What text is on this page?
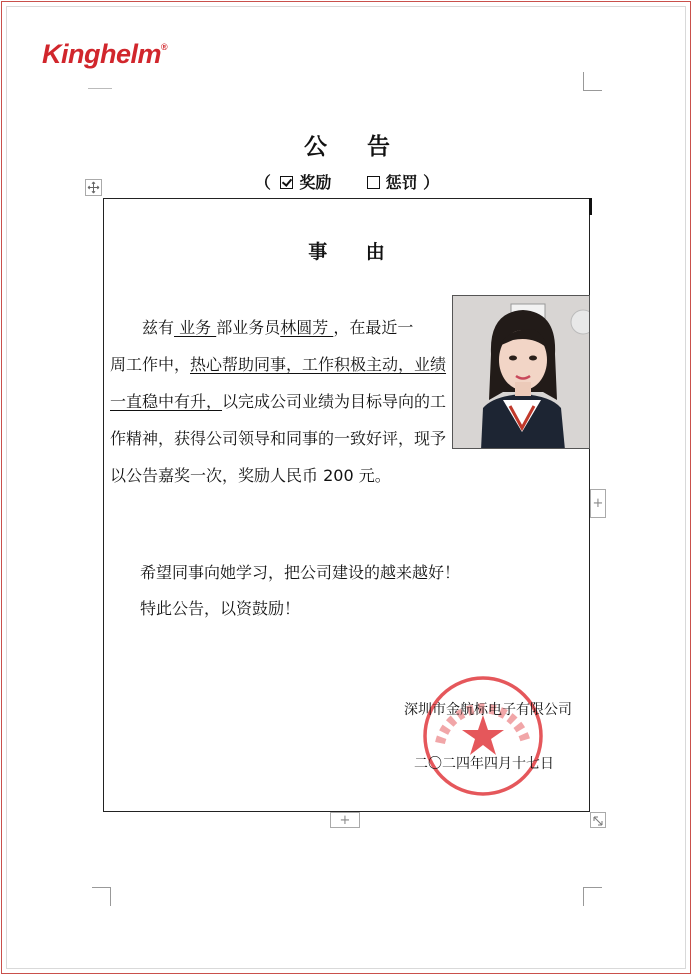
Kinghelm®
公 告
（ 奖励	惩罚 ）
事 由
兹有 业务 部业务员林圆芳 ，在最近一
周工作中，热心帮助同事，工作积极主动，业绩
一直稳中有升，以完成公司业绩为目标导向的工
作精神，获得公司领导和同事的一致好评，现予
以公告嘉奖一次，奖励人民币 200 元。
希望同事向她学习，把公司建设的越来越好！
特此公告，以资鼓励！
深圳市金航标电子有限公司
二〇二四年四月十七日
+
+
